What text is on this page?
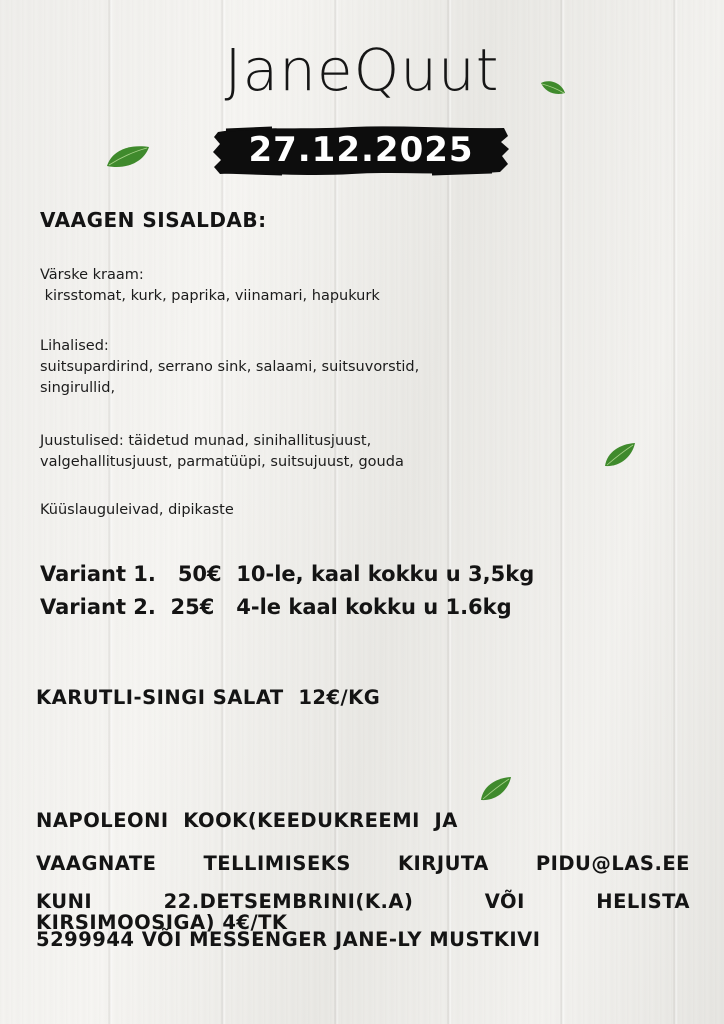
JaneQuut
27.12.2025
VAAGEN SISALDAB:

Värske kraam:

kirsstomat, kurk, paprika, viinamari, hapukurk

Lihalised:

suitsupardirind, serrano sink, salaami, suitsuvorstid,

singirullid,

Juustulised: täidetud munad, sinihallitusjuust,

valgehallitusjuust, parmatüüpi, suitsujuust, gouda

Küüslauguleivad, dipikaste

Variant 1.   50€  10-le, kaal kokku u 3,5kg
Variant 2.  25€   4-le kaal kokku u 1.6kg
KARUTLI-SINGI SALAT  12€/KG

NAPOLEONI  KOOK(KEEDUKREEMI  JA

KIRSIMOOSIGA) 4€/TK

VAAGNATE TELLIMISEKS KIRJUTA PIDU@LAS.EE
KUNI 22.DETSEMBRINI(K.A) VÕI HELISTA
5299944 VÕI MESSENGER JANE-LY MUSTKIVI
